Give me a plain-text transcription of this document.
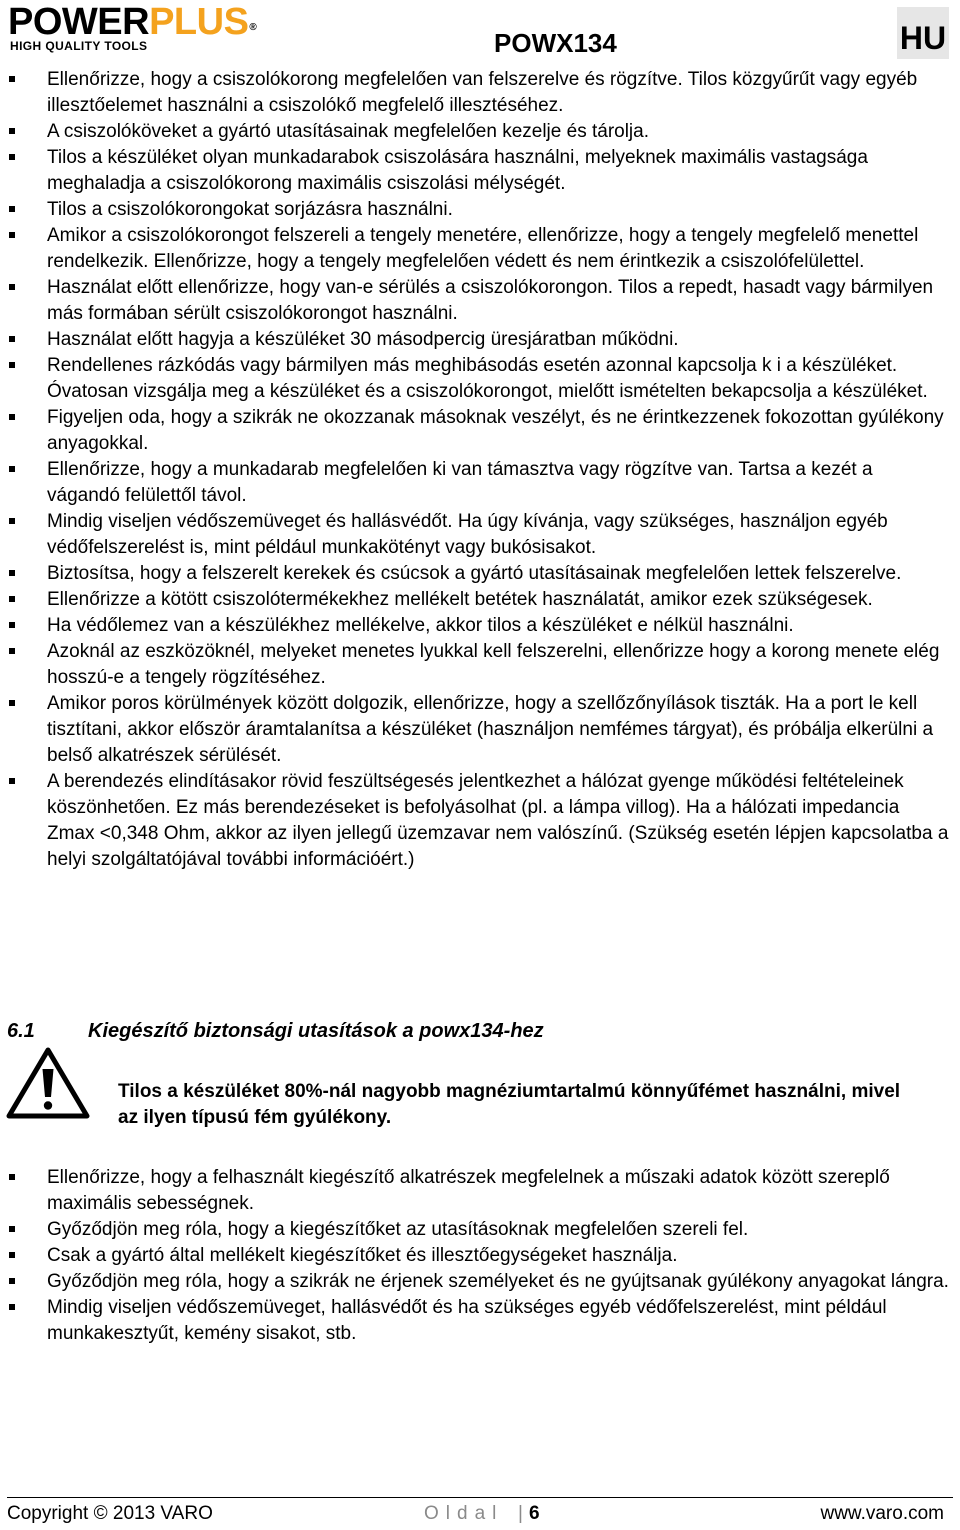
POWERPLUS®
HIGH QUALITY TOOLS	POWX134	HU
Ellenőrizze, hogy a csiszolókorong megfelelően van felszerelve és rögzítve. Tilos közgyűrűt vagy egyéb illesztőelemet használni a csiszolókő megfelelő illesztéséhez.
A csiszolóköveket a gyártó utasításainak megfelelően kezelje és tárolja.
Tilos a készüléket olyan munkadarabok csiszolására használni, melyeknek maximális vastagsága meghaladja a csiszolókorong maximális csiszolási mélységét.
Tilos a csiszolókorongokat sorjázásra használni.
Amikor a csiszolókorongot felszereli a tengely menetére, ellenőrizze, hogy a tengely megfelelő menettel rendelkezik. Ellenőrizze, hogy a tengely megfelelően védett és nem érintkezik a csiszolófelülettel.
Használat előtt ellenőrizze, hogy van-e sérülés a csiszolókorongon. Tilos a repedt, hasadt vagy bármilyen más formában sérült csiszolókorongot használni.
Használat előtt hagyja a készüléket 30 másodpercig üresjáratban működni.
Rendellenes rázkódás vagy bármilyen más meghibásodás esetén azonnal kapcsolja k i a készüléket. Óvatosan vizsgálja meg a készüléket és a csiszolókorongot, mielőtt ismételten bekapcsolja a készüléket.
Figyeljen oda, hogy a szikrák ne okozzanak másoknak veszélyt, és ne érintkezzenek fokozottan gyúlékony anyagokkal.
Ellenőrizze, hogy a munkadarab megfelelően ki van támasztva vagy rögzítve van. Tartsa a kezét a vágandó felülettől távol.
Mindig viseljen védőszemüveget és hallásvédőt. Ha úgy kívánja, vagy szükséges, használjon egyéb védőfelszerelést is, mint például munkakötényt vagy bukósisakot.
Biztosítsa, hogy a felszerelt kerekek és csúcsok a gyártó utasításainak megfelelően lettek felszerelve.
Ellenőrizze a kötött csiszolótermékekhez mellékelt betétek használatát, amikor ezek szükségesek.
Ha védőlemez van a készülékhez mellékelve, akkor tilos a készüléket e nélkül használni.
Azoknál az eszközöknél, melyeket menetes lyukkal kell felszerelni, ellenőrizze hogy a korong menete elég hosszú-e a tengely rögzítéséhez.
Amikor poros körülmények között dolgozik, ellenőrizze, hogy a szellőzőnyílások tiszták. Ha a port le kell tisztítani, akkor először áramtalanítsa a készüléket (használjon nemfémes tárgyat), és próbálja elkerülni a belső alkatrészek sérülését.
A berendezés elindításakor rövid feszültségesés jelentkezhet a hálózat gyenge működési feltételeinek köszönhetően. Ez más berendezéseket is befolyásolhat (pl. a lámpa villog). Ha a hálózati impedancia Zmax <0,348 Ohm, akkor az ilyen jellegű üzemzavar nem valószínű. (Szükség esetén lépjen kapcsolatba a helyi szolgáltatójával további információért.)
6.1	Kiegészítő biztonsági utasítások a powx134-hez
Tilos a készüléket 80%-nál nagyobb magnéziumtartalmú könnyűfémet használni, mivel az ilyen típusú fém gyúlékony.
Ellenőrizze, hogy a felhasznált kiegészítő alkatrészek megfelelnek a műszaki adatok között szereplő maximális sebességnek.
Győződjön meg róla, hogy a kiegészítőket az utasításoknak megfelelően szereli fel.
Csak a gyártó által mellékelt kiegészítőket és illesztőegységeket használja.
Győződjön meg róla, hogy a szikrák ne érjenek személyeket és ne gyújtsanak gyúlékony anyagokat lángra.
Mindig viseljen védőszemüveget, hallásvédőt és ha szükséges egyéb védőfelszerelést, mint például munkakesztyűt, kemény sisakot, stb.
Copyright © 2013 VARO	Oldal | 6	www.varo.com
